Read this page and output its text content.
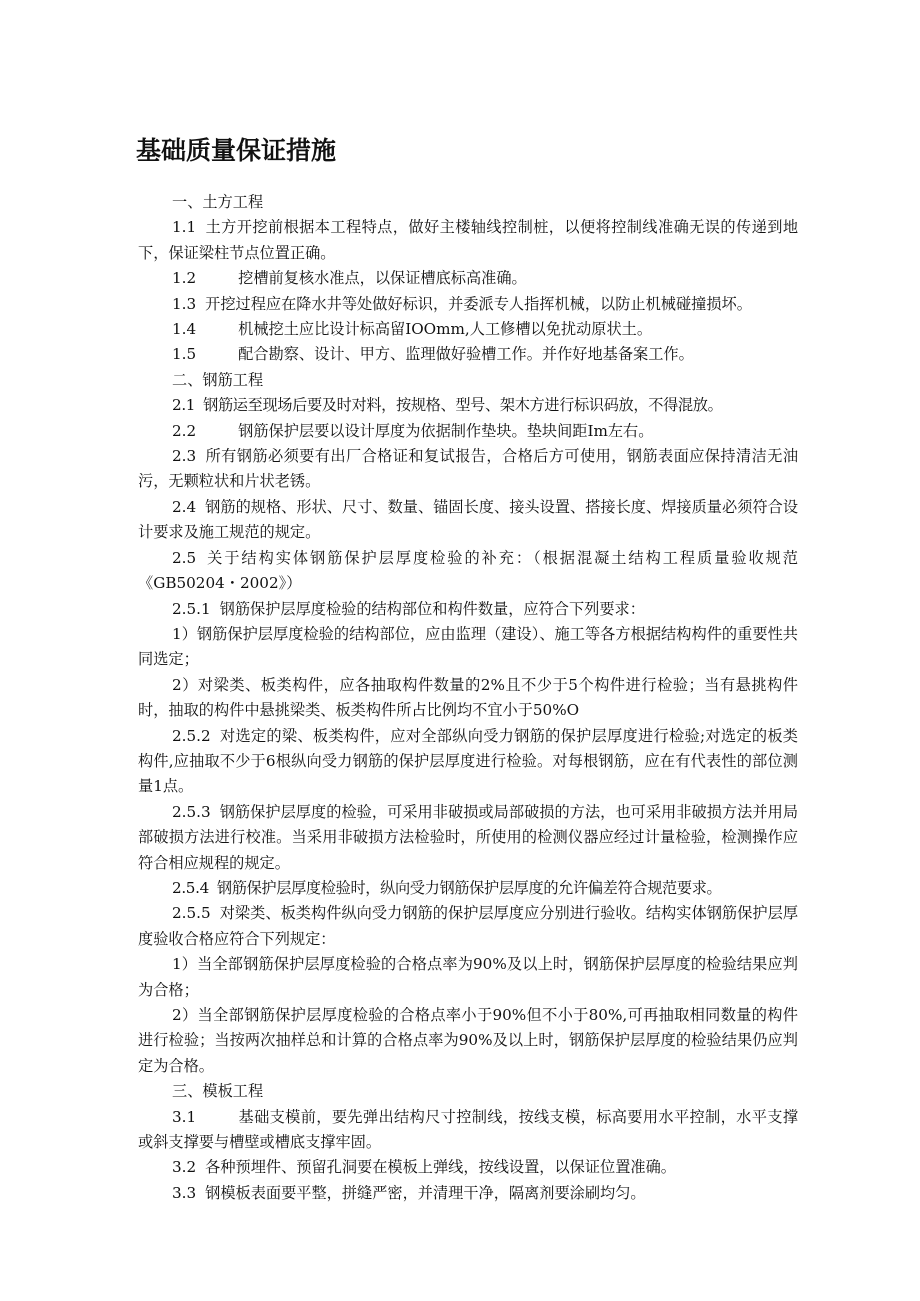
基础质量保证措施

一、土方工程

1.1 土方开挖前根据本工程特点，做好主楼轴线控制桩，以便将控制线准确无误的传递到地下，保证梁柱节点位置正确。

1.2	挖槽前复核水准点，以保证槽底标高准确。

1.3 开挖过程应在降水井等处做好标识，并委派专人指挥机械，以防止机械碰撞损坏。

1.4	机械挖土应比设计标高留IOOmm,人工修槽以免扰动原状土。

1.5	配合勘察、设计、甲方、监理做好验槽工作。并作好地基备案工作。

二、钢筋工程

2.1 钢筋运至现场后要及时对料，按规格、型号、架木方进行标识码放，不得混放。

2.2	钢筋保护层要以设计厚度为依据制作垫块。垫块间距Im左右。

2.3 所有钢筋必须要有出厂合格证和复试报告，合格后方可使用，钢筋表面应保持清洁无油污，无颗粒状和片状老锈。

2.4 钢筋的规格、形状、尺寸、数量、锚固长度、接头设置、搭接长度、焊接质量必须符合设计要求及施工规范的规定。

2.5 关于结构实体钢筋保护层厚度检验的补充：（根据混凝土结构工程质量验收规范《GB50204・2002》）

2.5.1 钢筋保护层厚度检验的结构部位和构件数量，应符合下列要求：

1）钢筋保护层厚度检验的结构部位，应由监理（建设）、施工等各方根据结构构件的重要性共同选定；

2）对梁类、板类构件，应各抽取构件数量的2%且不少于5个构件进行检验；当有悬挑构件时，抽取的构件中悬挑梁类、板类构件所占比例均不宜小于50%O

2.5.2 对选定的梁、板类构件，应对全部纵向受力钢筋的保护层厚度进行检验;对选定的板类构件,应抽取不少于6根纵向受力钢筋的保护层厚度进行检验。对每根钢筋，应在有代表性的部位测量1点。

2.5.3 钢筋保护层厚度的检验，可采用非破损或局部破损的方法，也可采用非破损方法并用局部破损方法进行校准。当采用非破损方法检验时，所使用的检测仪器应经过计量检验，检测操作应符合相应规程的规定。

2.5.4 钢筋保护层厚度检验时，纵向受力钢筋保护层厚度的允许偏差符合规范要求。

2.5.5 对梁类、板类构件纵向受力钢筋的保护层厚度应分别进行验收。结构实体钢筋保护层厚度验收合格应符合下列规定：

1）当全部钢筋保护层厚度检验的合格点率为90%及以上时，钢筋保护层厚度的检验结果应判为合格；

2）当全部钢筋保护层厚度检验的合格点率小于90%但不小于80%,可再抽取相同数量的构件进行检验；当按两次抽样总和计算的合格点率为90%及以上时，钢筋保护层厚度的检验结果仍应判定为合格。

三、模板工程

3.1	基础支模前，要先弹出结构尺寸控制线，按线支模，标高要用水平控制，水平支撑或斜支撑要与槽壁或槽底支撑牢固。

3.2 各种预埋件、预留孔洞要在模板上弹线，按线设置，以保证位置准确。

3.3 钢模板表面要平整，拼缝严密，并清理干净，隔离剂要涂刷均匀。
